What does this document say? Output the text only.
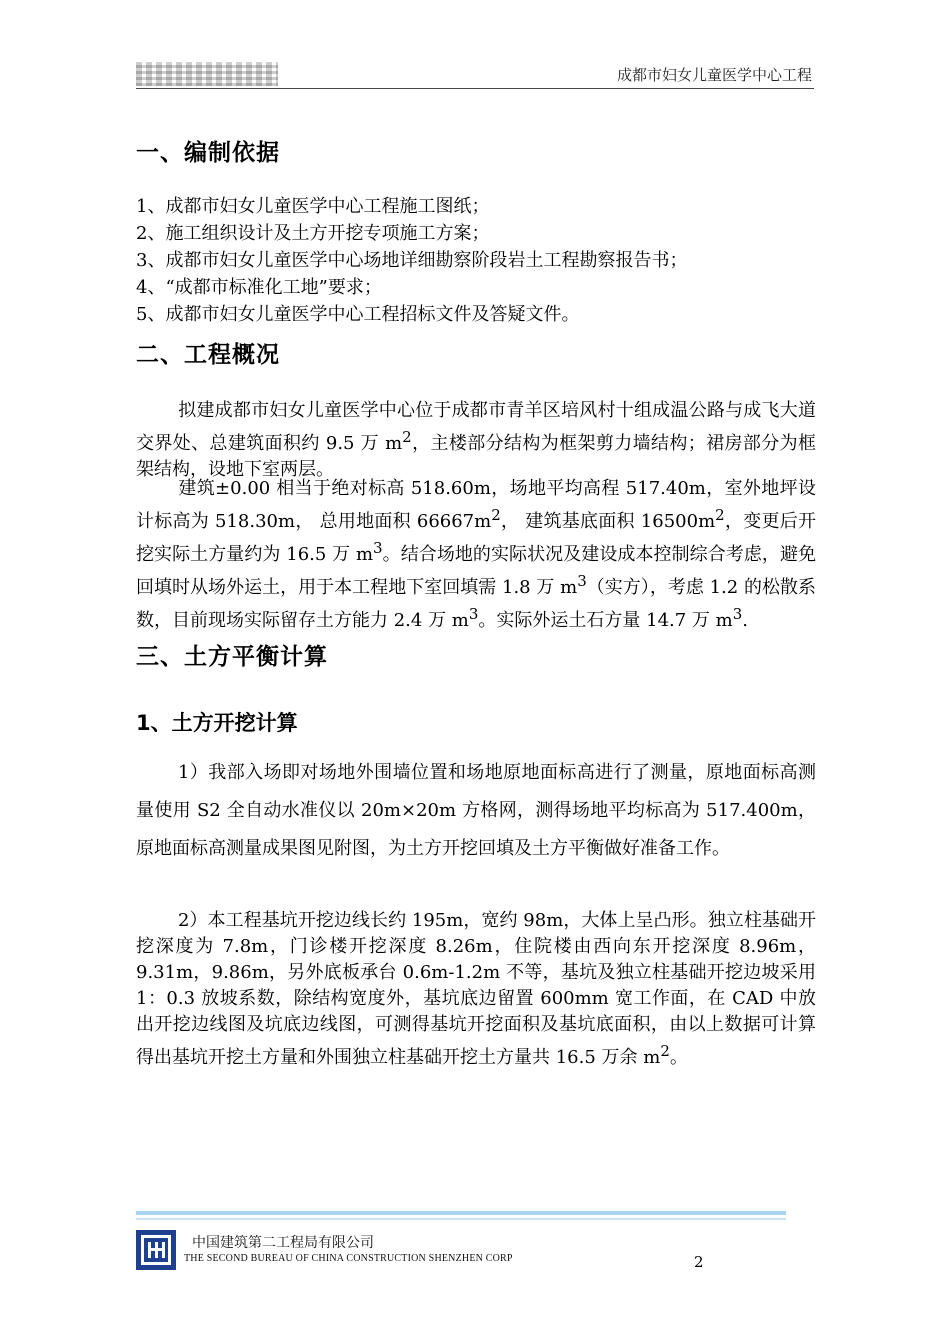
成都市妇女儿童医学中心工程
一、编制依据
1、成都市妇女儿童医学中心工程施工图纸；
2、施工组织设计及土方开挖专项施工方案；
3、成都市妇女儿童医学中心场地详细勘察阶段岩土工程勘察报告书；
4、“成都市标准化工地”要求；
5、成都市妇女儿童医学中心工程招标文件及答疑文件。
二、工程概况

拟建成都市妇女儿童医学中心位于成都市青羊区培风村十组成温公路与成飞大道交界处、总建筑面积约 9.5 万 $m^2$，主楼部分结构为框架剪力墙结构；裙房部分为框架结构，设地下室两层。

建筑±0.00 相当于绝对标高 518.60m，场地平均高程 517.40m，室外地坪设计标高为 518.30m， 总用地面积 $66667m^2$， 建筑基底面积 $16500m^2$，变更后开挖实际土方量约为 16.5 万 $m^3$。结合场地的实际状况及建设成本控制综合考虑，避免回填时从场外运土，用于本工程地下室回填需 1.8 万 $m^3$（实方），考虑 1.2 的松散系数，目前现场实际留存土方能力 2.4 万 $m^3$。实际外运土石方量 14.7 万 $m^3$.

三、土方平衡计算
1、土方开挖计算

1）我部入场即对场地外围墙位置和场地原地面标高进行了测量，原地面标高测量使用 S2 全自动水准仪以 20m×20m 方格网，测得场地平均标高为 517.400m，原地面标高测量成果图见附图，为土方开挖回填及土方平衡做好准备工作。

2）本工程基坑开挖边线长约 195m，宽约 98m，大体上呈凸形。独立柱基础开挖深度为 7.8m，门诊楼开挖深度 8.26m，住院楼由西向东开挖深度 8.96m，9.31m，9.86m，另外底板承台 0.6m-1.2m 不等，基坑及独立柱基础开挖边坡采用 1：0.3 放坡系数，除结构宽度外，基坑底边留置 600mm 宽工作面，在 CAD 中放出开挖边线图及坑底边线图，可测得基坑开挖面积及基坑底面积，由以上数据可计算得出基坑开挖土方量和外围独立柱基础开挖土方量共 16.5 万余 $m^2$。

中国建筑第二工程局有限公司
THE SECOND BUREAU OF CHINA CONSTRUCTION SHENZHEN CORP	2
